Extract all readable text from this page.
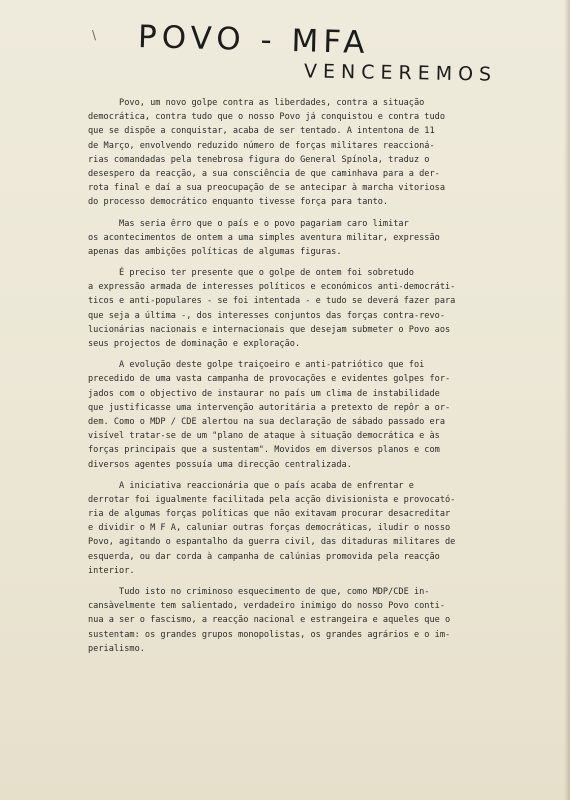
\ POVO - MFA
VENCEREMOS
Povo, um novo golpe contra as liberdades, contra a situação
democrática, contra tudo que o nosso Povo já conquistou e contra tudo
que se dispõe a conquistar, acaba de ser tentado. A intentona de 11
de Março, envolvendo reduzido número de forças militares reaccioná-
rias comandadas pela tenebrosa figura do General Spínola, traduz o
desespero da reacção, a sua consciência de que caminhava para a der-
rota final e daí a sua preocupação de se antecipar à marcha vitoriosa
do processo democrático enquanto tivesse força para tanto.
Mas seria êrro que o país e o povo pagariam caro limitar
os acontecimentos de ontem a uma simples aventura militar, expressão
apenas das ambições políticas de algumas figuras.
É preciso ter presente que o golpe de ontem foi sobretudo
a expressão armada de interesses políticos e económicos anti-democráti-
ticos e anti-populares - se foi intentada - e tudo se deverá fazer para
que seja a última -, dos interesses conjuntos das forças contra-revo-
lucionárias nacionais e internacionais que desejam submeter o Povo aos
seus projectos de dominação e exploração.
A evolução deste golpe traiçoeiro e anti-patriótico que foi
precedido de uma vasta campanha de provocações e evidentes golpes for-
jados com o objectivo de instaurar no país um clima de instabilidade
que justificasse uma intervenção autoritária a pretexto de repôr a or-
dem. Como o MDP / CDE alertou na sua declaração de sábado passado era
visível tratar-se de um "plano de ataque à situação democrática e às
forças principais que a sustentam". Movidos em diversos planos e com
diversos agentes possuía uma direcção centralizada.
A iniciativa reaccionária que o país acaba de enfrentar e
derrotar foi igualmente facilitada pela acção divisionista e provocató-
ria de algumas forças políticas que não exitavam procurar desacreditar
e dividir o M F A, caluniar outras forças democráticas, iludir o nosso
Povo, agitando o espantalho da guerra civil, das ditaduras militares de
esquerda, ou dar corda à campanha de calúnias promovida pela reacção
interior.
Tudo isto no criminoso esquecimento de que, como MDP/CDE in-
cansàvelmente tem salientado, verdadeiro inimigo do nosso Povo conti-
nua a ser o fascismo, a reacção nacional e estrangeira e aqueles que o
sustentam: os grandes grupos monopolistas, os grandes agrários e o im-
perialismo.
